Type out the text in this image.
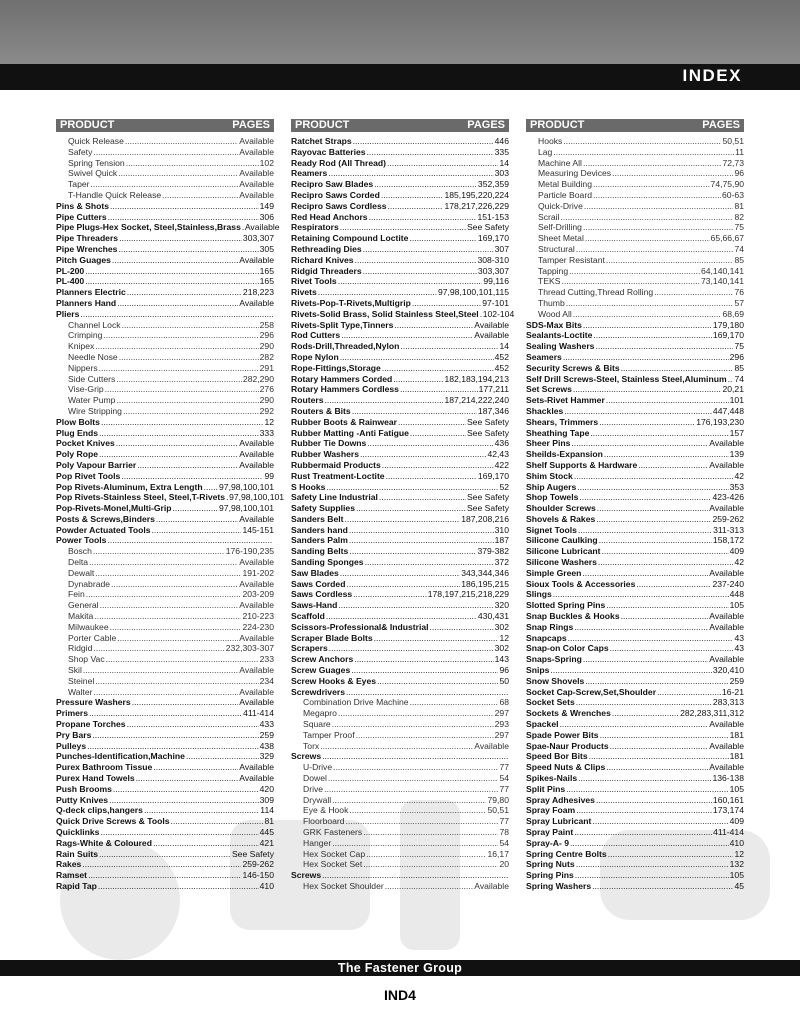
INDEX
PRODUCT	PAGES
Quick Release .....	Available
Safety .....	Available
Spring Tension .....	102
Swivel Quick .....	Available
Taper .....	Available
T-Handle Quick Release .....	Available
Pins & Shots .....	149
Pipe Cutters .....	306
Pipe Plugs-Hex Socket, Steel,Stainless,Brass ..... Available
Pipe Threaders .....	303,307
Pipe Wrenches .....	305
Pitch Guages .....	Available
PL-200 .....	165
PL-400 .....	165
Planners Electric .....	218,223
Planners Hand .....	Available
Pliers
.....
Channel Lock .....	258
Crimping .....	296
Knipex .....	290
Needle Nose .....	282
Nippers .....	291
Side Cutters .....	282,290
Vise-Grip .....	276
Water Pump .....	290
Wire Stripping .....	292
Plow Bolts .....	12
Plug Ends .....	333
Pocket Knives .....	Available
Poly Rope .....	Available
Poly Vapour Barrier .....	Available
Pop Rivet Tools .....	99
Pop Rivets-Aluminum, Extra Length ..... 97,98,100,101
Pop Rivets-Stainless Steel, Steel,T-Rivets ..... 97,98,100,101
Pop-Rivets-Monel,Multi-Grip .....	97,98,100,101
Posts & Screws,Binders .....	Available
Powder Actuated Tools .....	145-151
Power Tools
.....
Bosch .....	176-190,235
Delta .....	Available
Dewalt .....	191-202
Dynabrade .....	Available
Fein .....	203-209
General .....	Available
Makita .....	210-223
Milwaukee .....	224-230
Porter Cable .....	Available
Ridgid .....	232,303-307
Shop Vac .....	233
Skil .....	Available
Steinel .....	234
Walter .....	Available
Pressure Washers .....	Available
Primers .....	411-414
Propane Torches .....	433
Pry Bars .....	259
Pulleys .....	438
Punches-Identification,Machine .....	329
Purex Bathroom Tissue .....	Available
Purex Hand Towels .....	Available
Push Brooms .....	420
Putty Knives .....	309
Q-deck clips,hangers .....	114
Quick Drive Screws & Tools .....	81
Quicklinks .....	445
Rags-White & Coloured .....	421
Rain Suits .....	See Safety
Rakes .....	259-262
Ramset .....	146-150
Rapid Tap .....	410
PRODUCT	PAGES
Ratchet Straps .....	446
Rayovac Batteries .....	335
Ready Rod (All Thread) .....	14
Reamers .....	303
Recipro Saw Blades .....	352,359
Recipro Saws Corded .....	185,195,220,224
Recipro Saws Cordless .....	178,217,226,229
Red Head Anchors .....	151-153
Respirators .....	See Safety
Retaining Compound Loctite .....	169,170
Rethreading Dies .....	307
Richard Knives .....	308-310
Ridgid Threaders .....	303,307
Rivet Tools .....	99,116
Rivets .....	97,98,100,101,115
Rivets-Pop-T-Rivets,Multigrip .....	97-101
Rivets-Solid Brass, Solid Stainless Steel,Steel ..... 102-104
Rivets-Split Type,Tinners .....	Available
Rod Cutters .....	Available
Rods-Drill,Threaded,Nylon .....	14
Rope Nylon .....	452
Rope-Fittings,Storage .....	452
Rotary Hammers Corded .....	182,183,194,213
Rotary Hammers Cordless .....	177,211
Routers .....	187,214,222,240
Routers & Bits .....	187,346
Rubber Boots & Rainwear .....	See Safety
Rubber Matting -Anti Fatigue .....	See Safety
Rubber Tie Downs .....	436
Rubber Washers .....	42,43
Rubbermaid Products .....	422
Rust Treatment-Loctite .....	169,170
S Hooks .....	52
Safety Line Industrial .....	See Safety
Safety Supplies .....	See Safety
Sanders Belt .....	187,208,216
Sanders hand .....	310
Sanders Palm .....	187
Sanding Belts .....	379-382
Sanding Sponges .....	372
Saw Blades .....	343,344,346
Saws Corded .....	186,195,215
Saws Cordless .....	178,197,215,218,229
Saws-Hand .....	320
Scaffold .....	430,431
Scissors-Professional& Industrial .....	302
Scraper Blade Bolts .....	12
Scrapers .....	302
Screw Anchors .....	143
Screw Guages .....	96
Screw Hooks & Eyes .....	50
Screwdrivers
.....
Combination Drive Machine .....	68
Megapro .....	297
Square .....	293
Tamper Proof .....	297
Torx .....	Available
Screws
.....
U-Drive .....	77
Dowel .....	54
Drive .....	77
Drywall .....	79,80
Eye & Hook .....	50,51
Floorboard .....	77
GRK Fasteners .....	78
Hanger .....	54
Hex Socket Cap .....	16,17
Hex Socket Set .....	20
Screws
.....
Hex Socket Shoulder .....	Available
PRODUCT	PAGES
Hooks .....	50,51
Lag .....	11
Machine All .....	72,73
Measuring Devices .....	96
Metal Building .....	74,75,90
Particle Board .....	60-63
Quick-Drive .....	81
Scrail .....	82
Self-Drilling .....	75
Sheet Metal .....	65,66,67
Structural .....	74
Tamper Resistant .....	85
Tapping .....	64,140,141
TEKS .....	73,140,141
Thread Cutting,Thread Rolling .....	76
Thumb .....	57
Wood All .....	68,69
SDS-Max Bits .....	179,180
Sealants-Loctite .....	169,170
Sealing Washers .....	75
Seamers .....	296
Security Screws & Bits .....	85
Self Drill Screws-Steel, Stainless Steel,Aluminum ..... 74
Set Screws .....	20,21
Sets-Rivet Hammer .....	101
Shackles .....	447,448
Shears, Trimmers .....	176,193,230
Sheathing Tape .....	157
Sheer Pins .....	Available
Sheilds-Expansion .....	139
Shelf Supports & Hardware .....	Available
Shim Stock .....	42
Ship Augers .....	353
Shop Towels .....	423-426
Shoulder Screws .....	Available
Shovels & Rakes .....	259-262
Signet Tools .....	311-313
Silicone Caulking .....	158,172
Silicone Lubricant .....	409
Silicone Washers .....	42
Simple Green .....	Available
Sioux Tools & Accessories .....	237-240
Slings .....	448
Slotted Spring Pins .....	105
Snap Buckles & Hooks .....	Available
Snap Rings .....	Available
Snapcaps .....	43
Snap-on Color Caps .....	43
Snaps-Spring .....	Available
Snips .....	320,410
Snow Shovels .....	259
Socket Cap-Screw,Set,Shoulder .....	16-21
Socket Sets .....	283,313
Sockets & Wrenches .....	282,283,311,312
Spackel .....	Available
Spade Power Bits .....	181
Spae-Naur Products .....	Available
Speed Bor Bits .....	181
Speed Nuts & Clips .....	Available
Spikes-Nails .....	136-138
Split Pins .....	105
Spray Adhesives .....	160,161
Spray Foam .....	173,174
Spray Lubricant .....	409
Spray Paint .....	411-414
Spray-A- 9 .....	410
Spring Centre Bolts .....	12
Spring Nuts .....	132
Spring Pins .....	105
Spring Washers .....	45
The Fastener Group
IND4
